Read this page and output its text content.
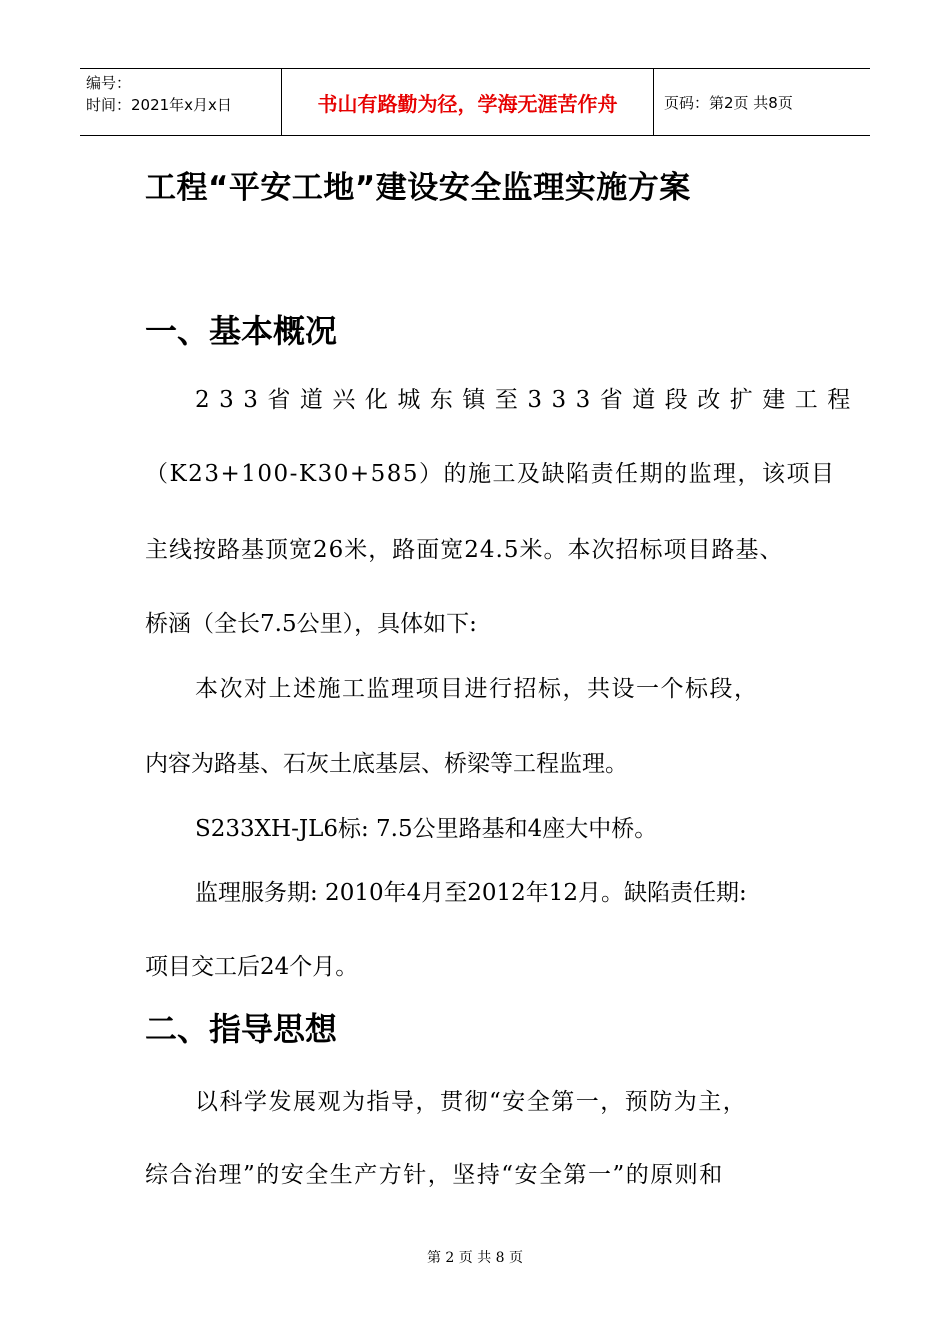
编号：
时间：2021年x月x日	书山有路勤为径，学海无涯苦作舟	页码：第2页 共8页
工程“平安工地”建设安全监理实施方案
一、基本概况
233省道兴化城东镇至333省道段改扩建工程
（K23+100-K30+585）的施工及缺陷责任期的监理，该项目
主线按路基顶宽26米，路面宽24.5米。本次招标项目路基、
桥涵（全长7.5公里），具体如下:
本次对上述施工监理项目进行招标，共设一个标段，
内容为路基、石灰土底基层、桥梁等工程监理。
S233XH-JL6标: 7.5公里路基和4座大中桥。
监理服务期: 2010年4月至2012年12月。缺陷责任期:
项目交工后24个月。
二、指导思想
以科学发展观为指导，贯彻“安全第一，预防为主，
综合治理”的安全生产方针，坚持“安全第一”的原则和
第 2 页 共 8 页
